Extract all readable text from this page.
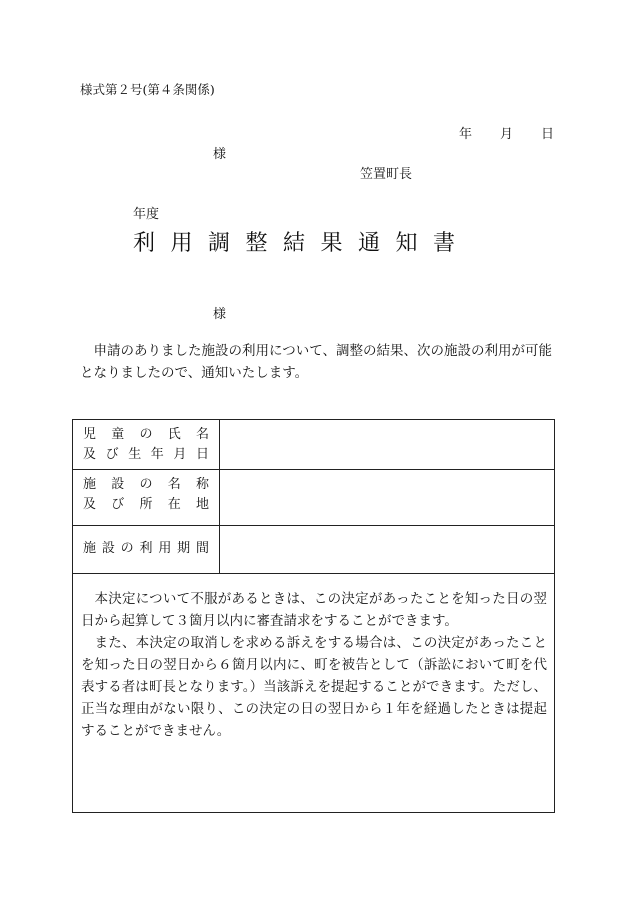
様式第２号(第４条関係)
年 月 日
様
笠置町長
年度
利用調整結果通知書
様

申請のありました施設の利用について、調整の結果、次の施設の利用が可能となりましたので、通知いたします。

児 童 の 氏 名
及 び 生 年 月 日
施 設 の 名 称
及 び 所 在 地
施 設 の 利 用 期 間

本決定について不服があるときは、この決定があったことを知った日の翌日から起算して３箇月以内に審査請求をすることができます。

また、本決定の取消しを求める訴えをする場合は、この決定があったことを知った日の翌日から６箇月以内に、町を被告として（訴訟において町を代表する者は町長となります。）当該訴えを提起することができます。ただし、正当な理由がない限り、この決定の日の翌日から１年を経過したときは提起することができません。
